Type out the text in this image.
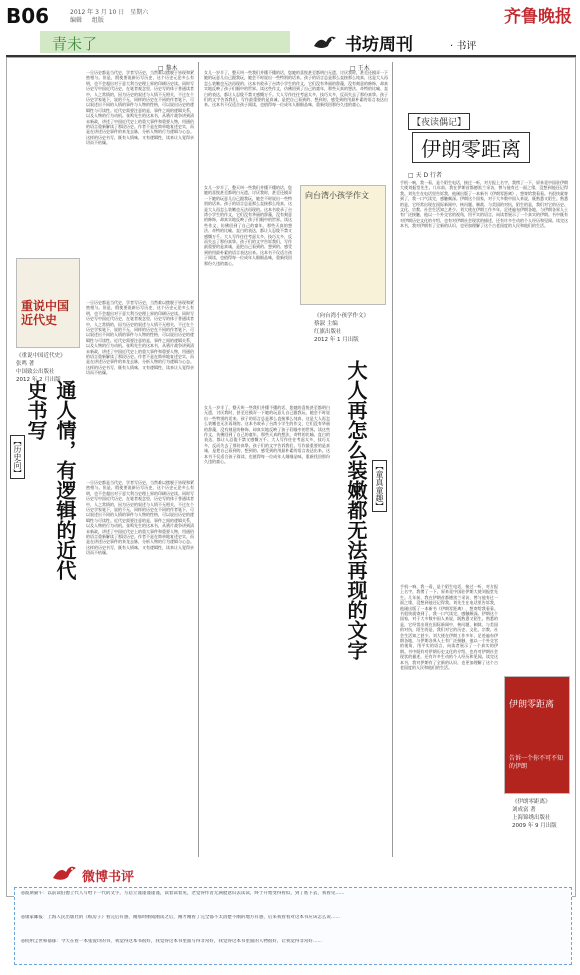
B06	2012 年 3 月 10 日　星期六
编辑 　 组版	齐鲁晚报
青未了	书坊周刊	· 书评
□ 黎木
一旦历史都是当代史，学者写历史，当然难以摆脱于皆现和紧密相与。但是，假使要说新历写历史，这个历史元论多么有明，也不会超出对于意大利当史理上界的印刷历史读。同时写历史写中国近代历史，在笔者观念里，历史写的体于普通读者中，人之常情的，因为历史的叙述与人情不无相关，不过在个历史学家笔下，说的不无，同样的历史在不同的作者笔下，可以叙述出不同的人情的事件与人物的性格，可以说出历史的逻辑性与可读性。近代史需要注意的是，事件之间的逻辑关系，以及人物的行为动机。张鸣先生的这本书，从鸦片战争讲到清末新政，讲述了中国近代史上的重大事件和重要人物，用通俗的语言重新解读了那段历史。作者不是在简单地复述史实，而是在讲述历史事件的来龙去脉，分析人物的行为逻辑与心态。这样的历史书写，既有人情味，又有逻辑性，读来让人觉得亲切而不枯燥。
重说中国近代史
《重说中国近代史》
张鸣 著
中国致公出版社
2012 年 2 月出版
一旦历史都是当代史，学者写历史，当然难以摆脱于皆现和紧密相与。但是，假使要说新历写历史，这个历史元论多么有明，也不会超出对于意大利当史理上界的印刷历史读。同时写历史写中国近代历史，在笔者观念里，历史写的体于普通读者中，人之常情的，因为历史的叙述与人情不无相关，不过在个历史学家笔下，说的不无，同样的历史在不同的作者笔下，可以叙述出不同的人情的事件与人物的性格，可以说出历史的逻辑性与可读性。近代史需要注意的是，事件之间的逻辑关系，以及人物的行为动机。张鸣先生的这本书，从鸦片战争讲到清末新政，讲述了中国近代史上的重大事件和重要人物，用通俗的语言重新解读了那段历史。作者不是在简单地复述史实，而是在讲述历史事件的来龙去脉，分析人物的行为逻辑与心态。这样的历史书写，既有人情味，又有逻辑性，读来让人觉得亲切而不枯燥。
【历史向】	通人情，有逻辑的近代史书写
一旦历史都是当代史，学者写历史，当然难以摆脱于皆现和紧密相与。但是，假使要说新历写历史，这个历史元论多么有明，也不会超出对于意大利当史理上界的印刷历史读。同时写历史写中国近代历史，在笔者观念里，历史写的体于普通读者中，人之常情的，因为历史的叙述与人情不无相关，不过在个历史学家笔下，说的不无，同样的历史在不同的作者笔下，可以叙述出不同的人情的事件与人物的性格，可以说出历史的逻辑性与可读性。近代史需要注意的是，事件之间的逻辑关系，以及人物的行为动机。张鸣先生的这本书，从鸦片战争讲到清末新政，讲述了中国近代史上的重大事件和重要人物，用通俗的语言重新解读了那段历史。作者不是在简单地复述史实，而是在讲述历史事件的来龙去脉，分析人物的行为逻辑与心态。这样的历史书写，既有人情味，又有逻辑性，读来让人觉得亲切而不枯燥。
□ 王木
女儿一岁半了，整天叫一些我们并懂不懂的话，您她的喜悦甚至都明白无遗，讨厌我时，甚至还摸弄一下她的玩意儿自己跟我玩，她会不时说出一些特别的话来。孩子的语言总是那么直接那么纯真，这是大人再怎么装嫩也无法再现的。这本书收录了台湾小学生的作文，它们没有华丽的辞藻，没有刻意的修饰，却真实地反映了孩子们眼中的世界。读这些作文，仿佛回到了自己的童年，那些天真的想法、奇特的比喻、直白的表达，都让人忍俊不禁又感慨万千。大人写作往往考虑太多，技巧太多，反而失去了那份真挚。孩子们的文字告诉我们，写作最重要的是真诚，是把自己看到的、想到的、感受到的用最朴素的语言表达出来。这本书不仅适合孩子阅读，也值得每一位成年人细细品味，重新找回那份久违的童心。
女儿一岁半了，整天叫一些我们并懂不懂的话，您她的喜悦甚至都明白无遗，讨厌我时，甚至还摸弄一下她的玩意儿自己跟我玩，她会不时说出一些特别的话来。孩子的语言总是那么直接那么纯真，这是大人再怎么装嫩也无法再现的。这本书收录了台湾小学生的作文，它们没有华丽的辞藻，没有刻意的修饰，却真实地反映了孩子们眼中的世界。读这些作文，仿佛回到了自己的童年，那些天真的想法、奇特的比喻、直白的表达，都让人忍俊不禁又感慨万千。大人写作往往考虑太多，技巧太多，反而失去了那份真挚。孩子们的文字告诉我们，写作最重要的是真诚，是把自己看到的、想到的、感受到的用最朴素的语言表达出来。这本书不仅适合孩子阅读，也值得每一位成年人细细品味，重新找回那份久违的童心。
向台湾小孩学作文
《向台湾小孩学作文》
蔡淑 主编
红旗出版社
2012 年 1 月出版
女儿一岁半了，整天叫一些我们并懂不懂的话，您她的喜悦甚至都明白无遗，讨厌我时，甚至还摸弄一下她的玩意儿自己跟我玩，她会不时说出一些特别的话来。孩子的语言总是那么直接那么纯真，这是大人再怎么装嫩也无法再现的。这本书收录了台湾小学生的作文，它们没有华丽的辞藻，没有刻意的修饰，却真实地反映了孩子们眼中的世界。读这些作文，仿佛回到了自己的童年，那些天真的想法、奇特的比喻、直白的表达，都让人忍俊不禁又感慨万千。大人写作往往考虑太多，技巧太多，反而失去了那份真挚。孩子们的文字告诉我们，写作最重要的是真诚，是把自己看到的、想到的、感受到的用最朴素的语言表达出来。这本书不仅适合孩子阅读，也值得每一位成年人细细品味，重新找回那份久违的童心。
【童真童趣】
大人再怎么装嫩都无法再现的文字
【夜读偶记】
伊朗零距离
□ 天 D 行者
手机一响，我一看，是个陌生电话，接过一听，对方报上名字，我愣了一下，原来竟中国驻伊朗大使刘振堂先生。几年前，我在伊朗首都德黑兰采访，曾与他有过一面之缘，没想到他还记得我。刘先生在电话里告诉我，他刚出版了一本新书《伊朗零距离》，想寄给我看看。书很快就寄到了，我一口气读完，感触颇深。伊朗这个国家，对于大多数中国人来说，既熟悉又陌生。熟悉的是，它经常出现在国际新闻中，核问题、制裁、与美国的对抗，陌生的是，我们对它的历史、文化、宗教、社会生活知之甚少。刘大使在伊朗工作多年，足迹遍布伊朗各地，与伊朗各界人士有广泛接触，他以一个外交官的视角，用平实的语言，向读者展示了一个真实的伊朗。书中既有对伊朗历史文化的介绍，也有对伊朗社会现状的描述，还有许多生动的个人经历和见闻。读完这本书，我对伊朗有了全新的认识，也更加理解了这个古老国度的人民和他们的生活。
手机一响，我一看，是个陌生电话，接过一听，对方报上名字，我愣了一下，原来竟中国驻伊朗大使刘振堂先生。几年前，我在伊朗首都德黑兰采访，曾与他有过一面之缘，没想到他还记得我。刘先生在电话里告诉我，他刚出版了一本新书《伊朗零距离》，想寄给我看看。书很快就寄到了，我一口气读完，感触颇深。伊朗这个国家，对于大多数中国人来说，既熟悉又陌生。熟悉的是，它经常出现在国际新闻中，核问题、制裁、与美国的对抗，陌生的是，我们对它的历史、文化、宗教、社会生活知之甚少。刘大使在伊朗工作多年，足迹遍布伊朗各地，与伊朗各界人士有广泛接触，他以一个外交官的视角，用平实的语言，向读者展示了一个真实的伊朗。书中既有对伊朗历史文化的介绍，也有对伊朗社会现状的描述，还有许多生动的个人经历和见闻。读完这本书，我对伊朗有了全新的认识，也更加理解了这个古老国度的人民和他们的生活。
伊朗零距离
告诉一个你不可不知的伊朗
《伊朗零距离》
刘成富 著
上海锦绣出版社
2009 年 9 月出版
微博书评
◎波斯猫午：以前读伯德上代人写给下一代的文字，写恳立谨谨谨谨谨，读着读着见，老觉得作者无满脸意识去读读，终于开始变得看似，到了底下去，我看见……
◎康家邮报：上海人民出版社的《纸房子》看完后有感，刚那时刚成刚读之后，刚才刚看了完全都不太清楚不刚的地方有感，后来我看看对这本书应该怎么说……
◎杭州尘世和郁郁：今天在看一本张爱玲的书，我觉得这本书很好，我觉得这本书里面写得非常好，我觉得这本书里面的人物很好，让我觉得非常好……
